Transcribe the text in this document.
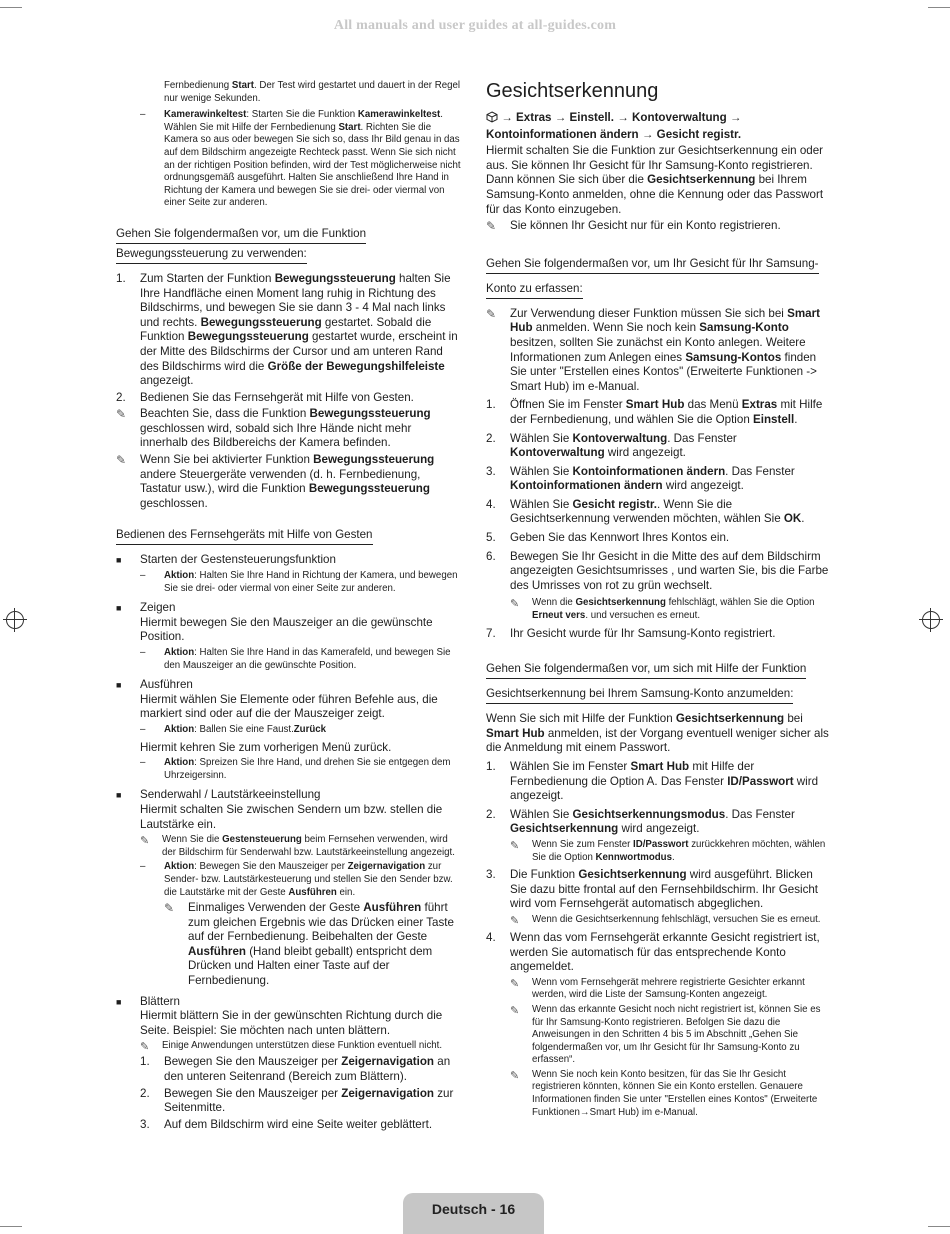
All manuals and user guides at all-guides.com

Fernbedienung Start. Der Test wird gestartet und dauert in der Regel nur wenige Sekunden.

–	Kamerawinkeltest: Starten Sie die Funktion Kamerawinkeltest. Wählen Sie mit Hilfe der Fernbedienung Start. Richten Sie die Kamera so aus oder bewegen Sie sich so, dass Ihr Bild genau in das auf dem Bildschirm angezeigte Rechteck passt. Wenn Sie sich nicht an der richtigen Position befinden, wird der Test möglicherweise nicht ordnungsgemäß ausgeführt. Halten Sie anschließend Ihre Hand in Richtung der Kamera und bewegen Sie sie drei- oder viermal von einer Seite zur anderen.

Gehen Sie folgendermaßen vor, um die Funktion
Bewegungssteuerung zu verwenden:
1.	Zum Starten der Funktion Bewegungssteuerung halten Sie Ihre Handfläche einen Moment lang ruhig in Richtung des Bildschirms, und bewegen Sie sie dann 3 - 4 Mal nach links und rechts. Bewegungssteuerung gestartet. Sobald die Funktion Bewegungssteuerung gestartet wurde, erscheint in der Mitte des Bildschirms der Cursor und am unteren Rand des Bildschirms wird die Größe der Bewegungshilfeleiste angezeigt.

2.	Bedienen Sie das Fernsehgerät mit Hilfe von Gesten.

✎	Beachten Sie, dass die Funktion Bewegungssteuerung geschlossen wird, sobald sich Ihre Hände nicht mehr innerhalb des Bildbereichs der Kamera befinden.

✎	Wenn Sie bei aktivierter Funktion Bewegungssteuerung andere Steuergeräte verwenden (d. h. Fernbedienung, Tastatur usw.), wird die Funktion Bewegungssteuerung geschlossen.

Bedienen des Fernsehgeräts mit Hilfe von Gesten
■	Starten der Gestensteuerungsfunktion

–	Aktion: Halten Sie Ihre Hand in Richtung der Kamera, und bewegen Sie sie drei- oder viermal von einer Seite zur anderen.

■	Zeigen

Hiermit bewegen Sie den Mauszeiger an die gewünschte Position.

–	Aktion: Halten Sie Ihre Hand in das Kamerafeld, und bewegen Sie den Mauszeiger an die gewünschte Position.

■	Ausführen

Hiermit wählen Sie Elemente oder führen Befehle aus, die markiert sind oder auf die der Mauszeiger zeigt.

–	Aktion: Ballen Sie eine Faust.Zurück

Hiermit kehren Sie zum vorherigen Menü zurück.

–	Aktion: Spreizen Sie Ihre Hand, und drehen Sie sie entgegen dem Uhrzeigersinn.

■	Senderwahl / Lautstärkeeinstellung

Hiermit schalten Sie zwischen Sendern um bzw. stellen die Lautstärke ein.

✎	Wenn Sie die Gestensteuerung beim Fernsehen verwenden, wird der Bildschirm für Senderwahl bzw. Lautstärkeeinstellung angezeigt.

–	Aktion: Bewegen Sie den Mauszeiger per Zeigernavigation zur Sender- bzw. Lautstärkesteuerung und stellen Sie den Sender bzw. die Lautstärke mit der Geste Ausführen ein.

✎	Einmaliges Verwenden der Geste Ausführen führt zum gleichen Ergebnis wie das Drücken einer Taste auf der Fernbedienung. Beibehalten der Geste Ausführen (Hand bleibt geballt) entspricht dem Drücken und Halten einer Taste auf der Fernbedienung.

■	Blättern

Hiermit blättern Sie in der gewünschten Richtung durch die Seite. Beispiel: Sie möchten nach unten blättern.

✎	Einige Anwendungen unterstützen diese Funktion eventuell nicht.

1.	Bewegen Sie den Mauszeiger per Zeigernavigation an den unteren Seitenrand (Bereich zum Blättern).

2.	Bewegen Sie den Mauszeiger per Zeigernavigation zur Seitenmitte.

3.	Auf dem Bildschirm wird eine Seite weiter geblättert.

Gesichtserkennung

→ Extras → Einstell. → Kontoverwaltung → Kontoinformationen ändern → Gesicht registr.

Hiermit schalten Sie die Funktion zur Gesichtserkennung ein oder aus. Sie können Ihr Gesicht für Ihr Samsung-Konto registrieren. Dann können Sie sich über die Gesichtserkennung bei Ihrem Samsung-Konto anmelden, ohne die Kennung oder das Passwort für das Konto einzugeben.

✎	Sie können Ihr Gesicht nur für ein Konto registrieren.

Gehen Sie folgendermaßen vor, um Ihr Gesicht für Ihr Samsung-
Konto zu erfassen:
✎	Zur Verwendung dieser Funktion müssen Sie sich bei Smart Hub anmelden. Wenn Sie noch kein Samsung-Konto besitzen, sollten Sie zunächst ein Konto anlegen. Weitere Informationen zum Anlegen eines Samsung-Kontos finden Sie unter "Erstellen eines Kontos" (Erweiterte Funktionen -> Smart Hub) im e-Manual.

1.	Öffnen Sie im Fenster Smart Hub das Menü Extras mit Hilfe der Fernbedienung, und wählen Sie die Option Einstell.

2.	Wählen Sie Kontoverwaltung. Das Fenster Kontoverwaltung wird angezeigt.

3.	Wählen Sie Kontoinformationen ändern. Das Fenster Kontoinformationen ändern wird angezeigt.

4.	Wählen Sie Gesicht registr.. Wenn Sie die Gesichtserkennung verwenden möchten, wählen Sie OK.

5.	Geben Sie das Kennwort Ihres Kontos ein.

6.	Bewegen Sie Ihr Gesicht in die Mitte des auf dem Bildschirm angezeigten Gesichtsumrisses , und warten Sie, bis die Farbe des Umrisses von rot zu grün wechselt.

✎	Wenn die Gesichtserkennung fehlschlägt, wählen Sie die Option Erneut vers. und versuchen es erneut.

7.	Ihr Gesicht wurde für Ihr Samsung-Konto registriert.

Gehen Sie folgendermaßen vor, um sich mit Hilfe der Funktion
Gesichtserkennung bei Ihrem Samsung-Konto anzumelden:

Wenn Sie sich mit Hilfe der Funktion Gesichtserkennung bei Smart Hub anmelden, ist der Vorgang eventuell weniger sicher als die Anmeldung mit einem Passwort.

1.	Wählen Sie im Fenster Smart Hub mit Hilfe der Fernbedienung die Option A. Das Fenster ID/Passwort wird angezeigt.

2.	Wählen Sie Gesichtserkennungsmodus. Das Fenster Gesichtserkennung wird angezeigt.

✎	Wenn Sie zum Fenster ID/Passwort zurückkehren möchten, wählen Sie die Option Kennwortmodus.

3.	Die Funktion Gesichtserkennung wird ausgeführt. Blicken Sie dazu bitte frontal auf den Fernsehbildschirm. Ihr Gesicht wird vom Fernsehgerät automatisch abgeglichen.

✎	Wenn die Gesichtserkennung fehlschlägt, versuchen Sie es erneut.

4.	Wenn das vom Fernsehgerät erkannte Gesicht registriert ist, werden Sie automatisch für das entsprechende Konto angemeldet.

✎	Wenn vom Fernsehgerät mehrere registrierte Gesichter erkannt werden, wird die Liste der Samsung-Konten angezeigt.

✎	Wenn das erkannte Gesicht noch nicht registriert ist, können Sie es für Ihr Samsung-Konto registrieren. Befolgen Sie dazu die Anweisungen in den Schritten 4 bis 5 im Abschnitt „Gehen Sie folgendermaßen vor, um Ihr Gesicht für Ihr Samsung-Konto zu erfassen“.

✎	Wenn Sie noch kein Konto besitzen, für das Sie Ihr Gesicht registrieren könnten, können Sie ein Konto erstellen. Genauere Informationen finden Sie unter "Erstellen eines Kontos" (Erweiterte Funktionen→Smart Hub) im e-Manual.

Deutsch - 16
